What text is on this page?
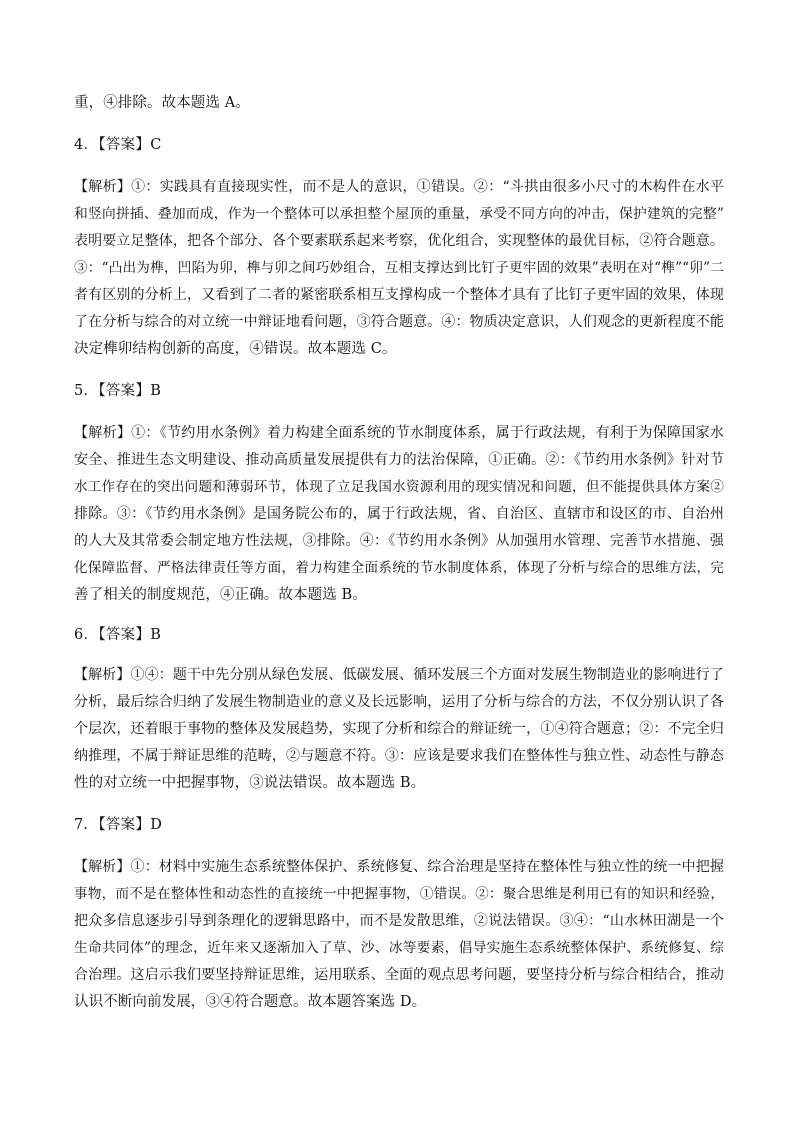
重，④排除。故本题选 A。
4．【答案】C
【解析】①：实践具有直接现实性，而不是人的意识，①错误。②：“斗拱由很多小尺寸的木构件在水平
和竖向拼插、叠加而成，作为一个整体可以承担整个屋顶的重量，承受不同方向的冲击，保护建筑的完整”
表明要立足整体，把各个部分、各个要素联系起来考察，优化组合，实现整体的最优目标，②符合题意。
③：“凸出为榫，凹陷为卯，榫与卯之间巧妙组合，互相支撑达到比钉子更牢固的效果”表明在对“榫”“卯”二
者有区别的分析上，又看到了二者的紧密联系相互支撑构成一个整体才具有了比钉子更牢固的效果，体现
了在分析与综合的对立统一中辩证地看问题，③符合题意。④：物质决定意识，人们观念的更新程度不能
决定榫卯结构创新的高度，④错误。故本题选 C。
5．【答案】B
【解析】①：《节约用水条例》着力构建全面系统的节水制度体系，属于行政法规，有利于为保障国家水
安全、推进生态文明建设、推动高质量发展提供有力的法治保障，①正确。②：《节约用水条例》针对节
水工作存在的突出问题和薄弱环节，体现了立足我国水资源利用的现实情况和问题，但不能提供具体方案②
排除。③：《节约用水条例》是国务院公布的，属于行政法规，省、自治区、直辖市和设区的市、自治州
的人大及其常委会制定地方性法规，③排除。④：《节约用水条例》从加强用水管理、完善节水措施、强
化保障监督、严格法律责任等方面，着力构建全面系统的节水制度体系，体现了分析与综合的思维方法，完
善了相关的制度规范，④正确。故本题选 B。
6．【答案】B
【解析】①④：题干中先分别从绿色发展、低碳发展、循环发展三个方面对发展生物制造业的影响进行了
分析，最后综合归纳了发展生物制造业的意义及长远影响，运用了分析与综合的方法，不仅分别认识了各
个层次，还着眼于事物的整体及发展趋势，实现了分析和综合的辩证统一，①④符合题意；②：不完全归
纳推理，不属于辩证思维的范畴，②与题意不符。③：应该是要求我们在整体性与独立性、动态性与静态
性的对立统一中把握事物，③说法错误。故本题选 B。
7．【答案】D
【解析】①：材料中实施生态系统整体保护、系统修复、综合治理是坚持在整体性与独立性的统一中把握
事物，而不是在整体性和动态性的直接统一中把握事物，①错误。②：聚合思维是利用已有的知识和经验，
把众多信息逐步引导到条理化的逻辑思路中，而不是发散思维，②说法错误。③④：“山水林田湖是一个
生命共同体”的理念，近年来又逐渐加入了草、沙、冰等要素，倡导实施生态系统整体保护、系统修复、综
合治理。这启示我们要坚持辩证思维，运用联系、全面的观点思考问题，要坚持分析与综合相结合，推动
认识不断向前发展，③④符合题意。故本题答案选 D。
